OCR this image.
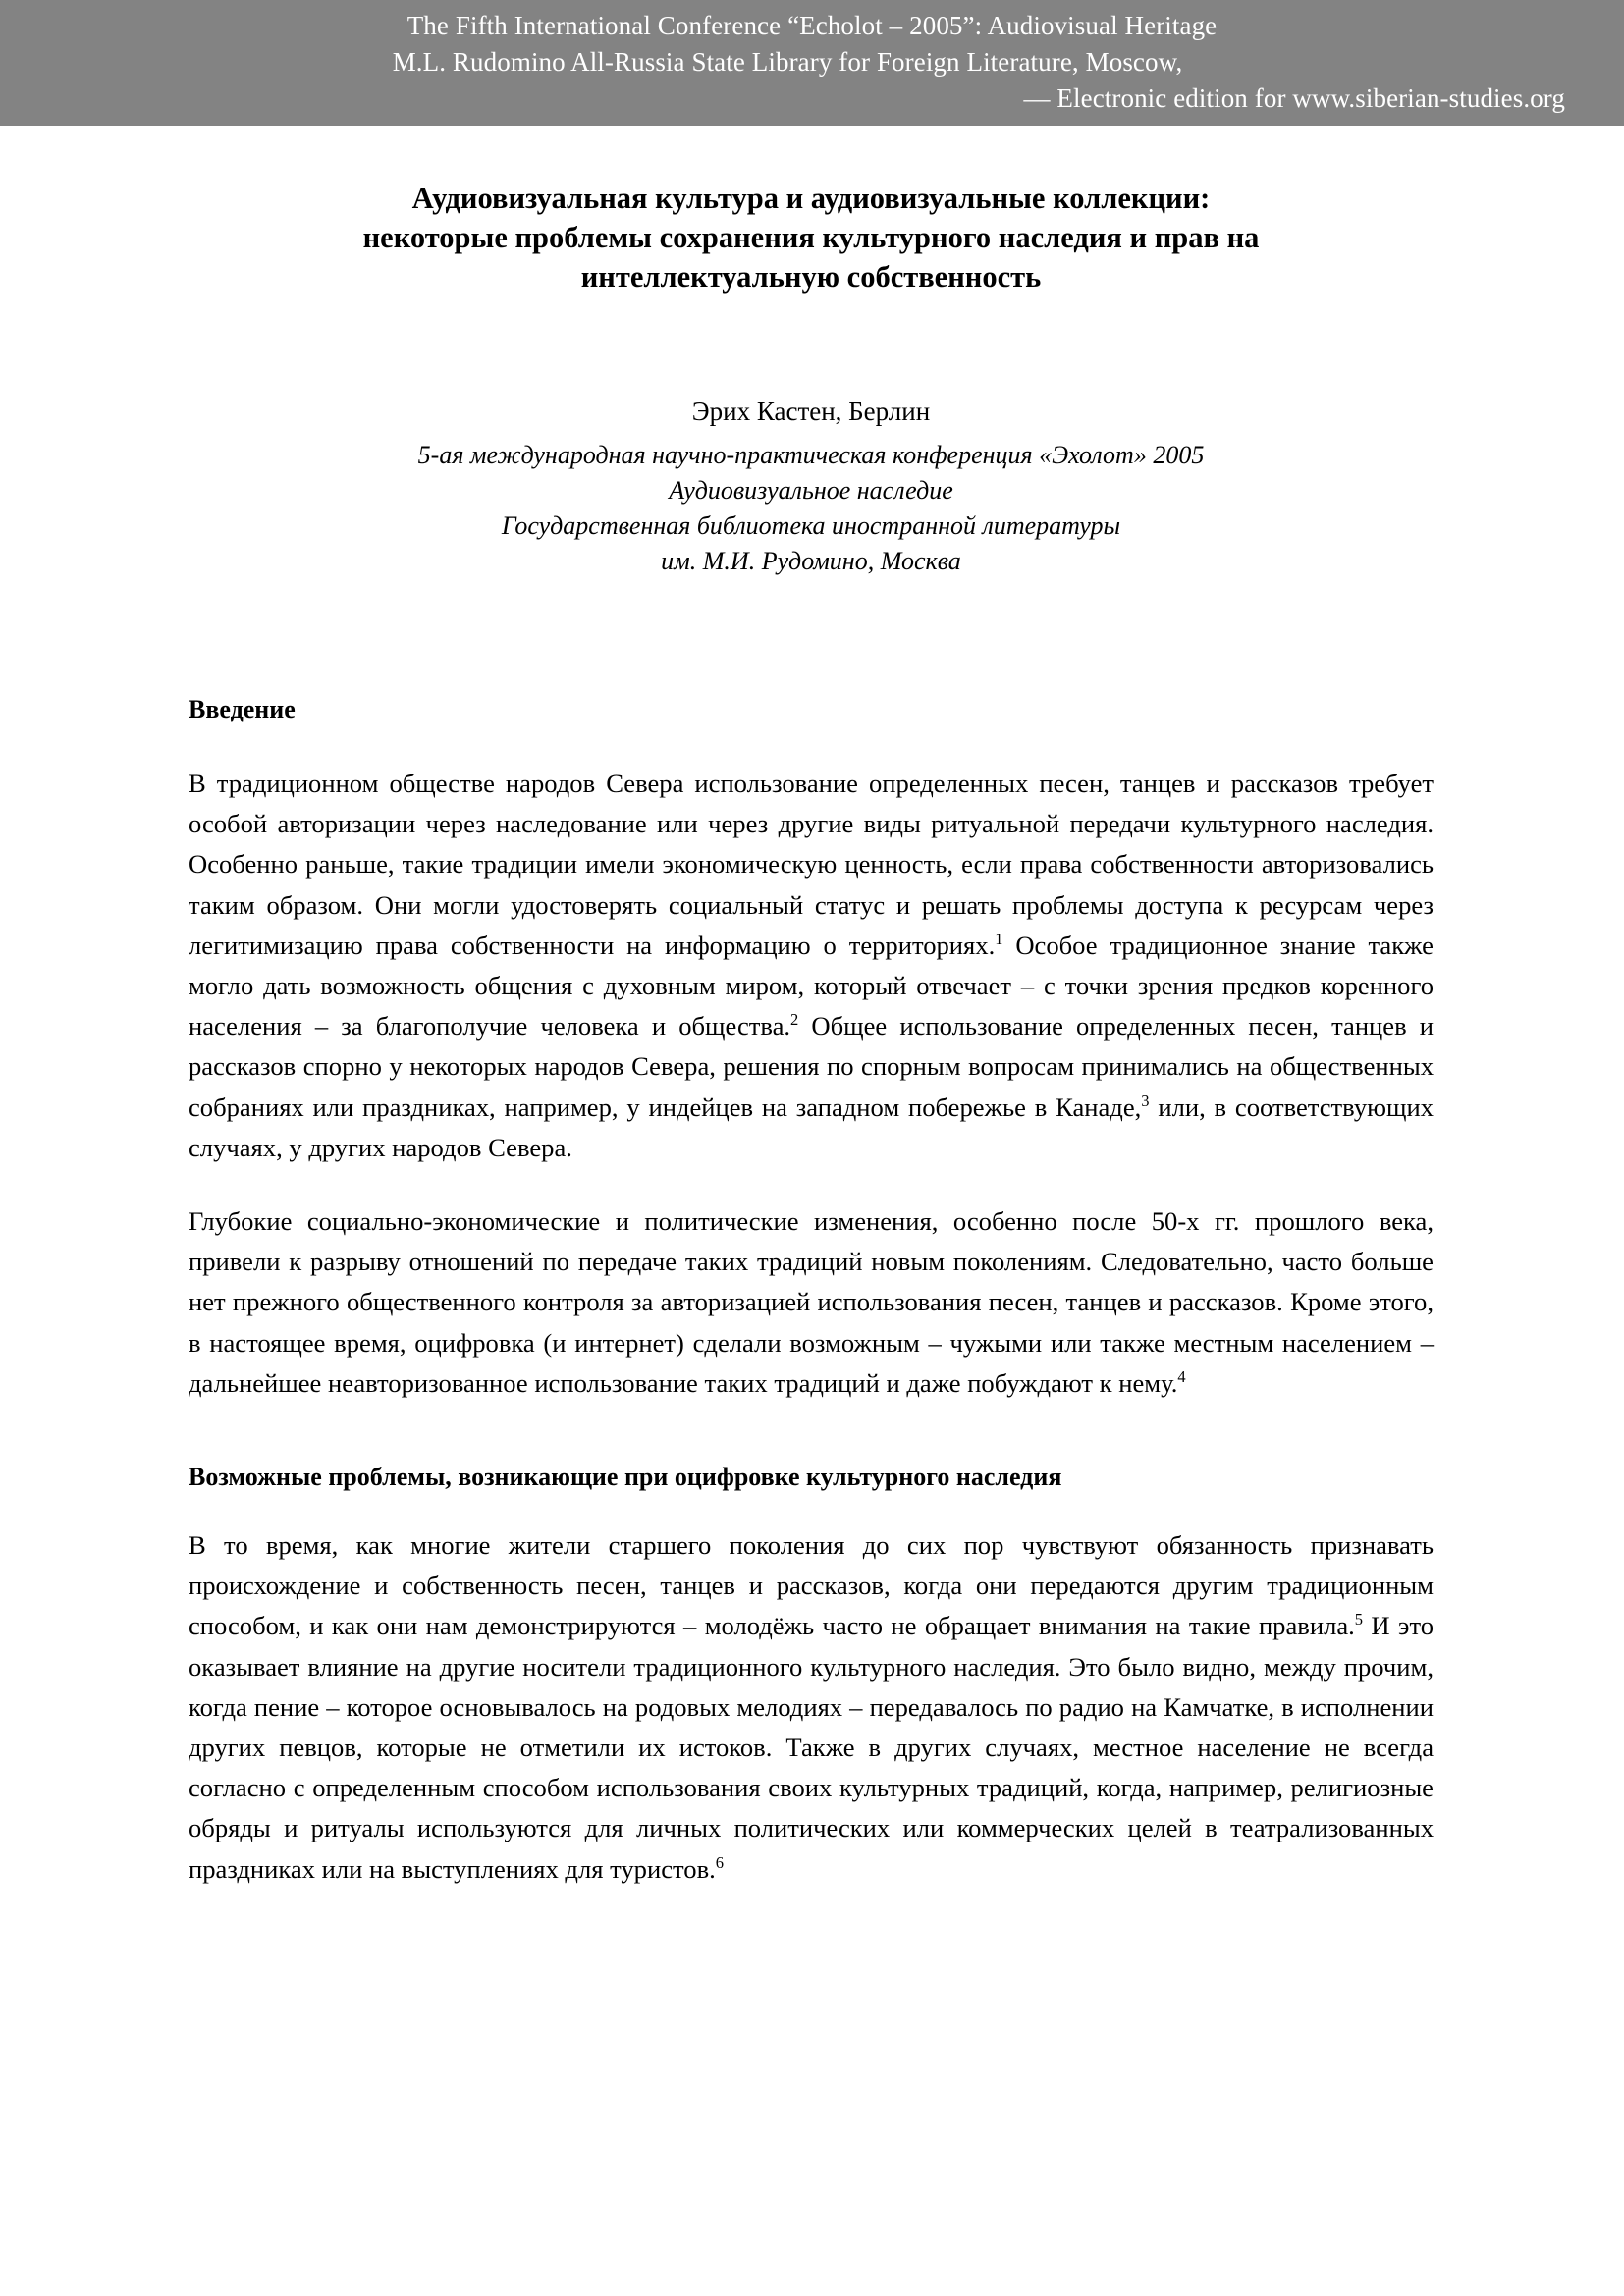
The Fifth International Conference “Echolot – 2005”: Audiovisual Heritage
M.L. Rudomino All-Russia State Library for Foreign Literature, Moscow,
— Electronic edition for www.siberian-studies.org
Аудиовизуальная культура и аудиовизуальные коллекции:
некоторые проблемы сохранения культурного наследия и прав на
интеллектуальную собственность
Эрих Кастен, Берлин
5-ая международная научно-практическая конференция «Эхолот» 2005
Аудиовизуальное наследие
Государственная библиотека иностранной литературы
им. М.И. Рудомино, Москва
Введение

В традиционном обществе народов Севера использование определенных песен, танцев и рассказов требует особой авторизации через наследование или через другие виды ритуальной передачи культурного наследия. Особенно раньше, такие традиции имели экономическую ценность, если права собственности авторизовались таким образом. Они могли удостоверять социальный статус и решать проблемы доступа к ресурсам через легитимизацию права собственности на информацию о территориях.$^1$ Особое традиционное знание также могло дать возможность общения с духовным миром, который отвечает – с точки зрения предков коренного населения – за благополучие человека и общества.$^2$ Общее использование определенных песен, танцев и рассказов спорно у некоторых народов Севера, решения по спорным вопросам принимались на общественных собраниях или праздниках, например, у индейцев на западном побережье в Канаде,$^3$ или, в соответствующих случаях, у других народов Севера.

Глубокие социально-экономические и политические изменения, особенно после 50-х гг. прошлого века, привели к разрыву отношений по передаче таких традиций новым поколениям. Следовательно, часто больше нет прежного общественного контроля за авторизацией использования песен, танцев и рассказов. Кроме этого, в настоящее время, оцифровка (и интернет) сделали возможным – чужыми или также местным населением – дальнейшее неавторизованное использование таких традиций и даже побуждают к нему.$^4$

Возможные проблемы, возникающие при оцифровке культурного наследия

В то время, как многие жители старшего поколения до сих пор чувствуют обязанность признавать происхождение и собственность песен, танцев и рассказов, когда они передаются другим традиционным способом, и как они нам демонстрируются – молодёжь часто не обращает внимания на такие правила.$^5$ И это оказывает влияние на другие носители традиционного культурного наследия. Это было видно, между прочим, когда пение – которое основывалось на родовых мелодиях – передавалось по радио на Камчатке, в исполнении других певцов, которые не отметили их истоков. Также в других случаях, местное население не всегда согласно с определенным способом использования своих культурных традиций, когда, например, религиозные обряды и ритуалы используются для личных политических или коммерческих целей в театрализованных праздниках или на выступлениях для туристов.$^6$
